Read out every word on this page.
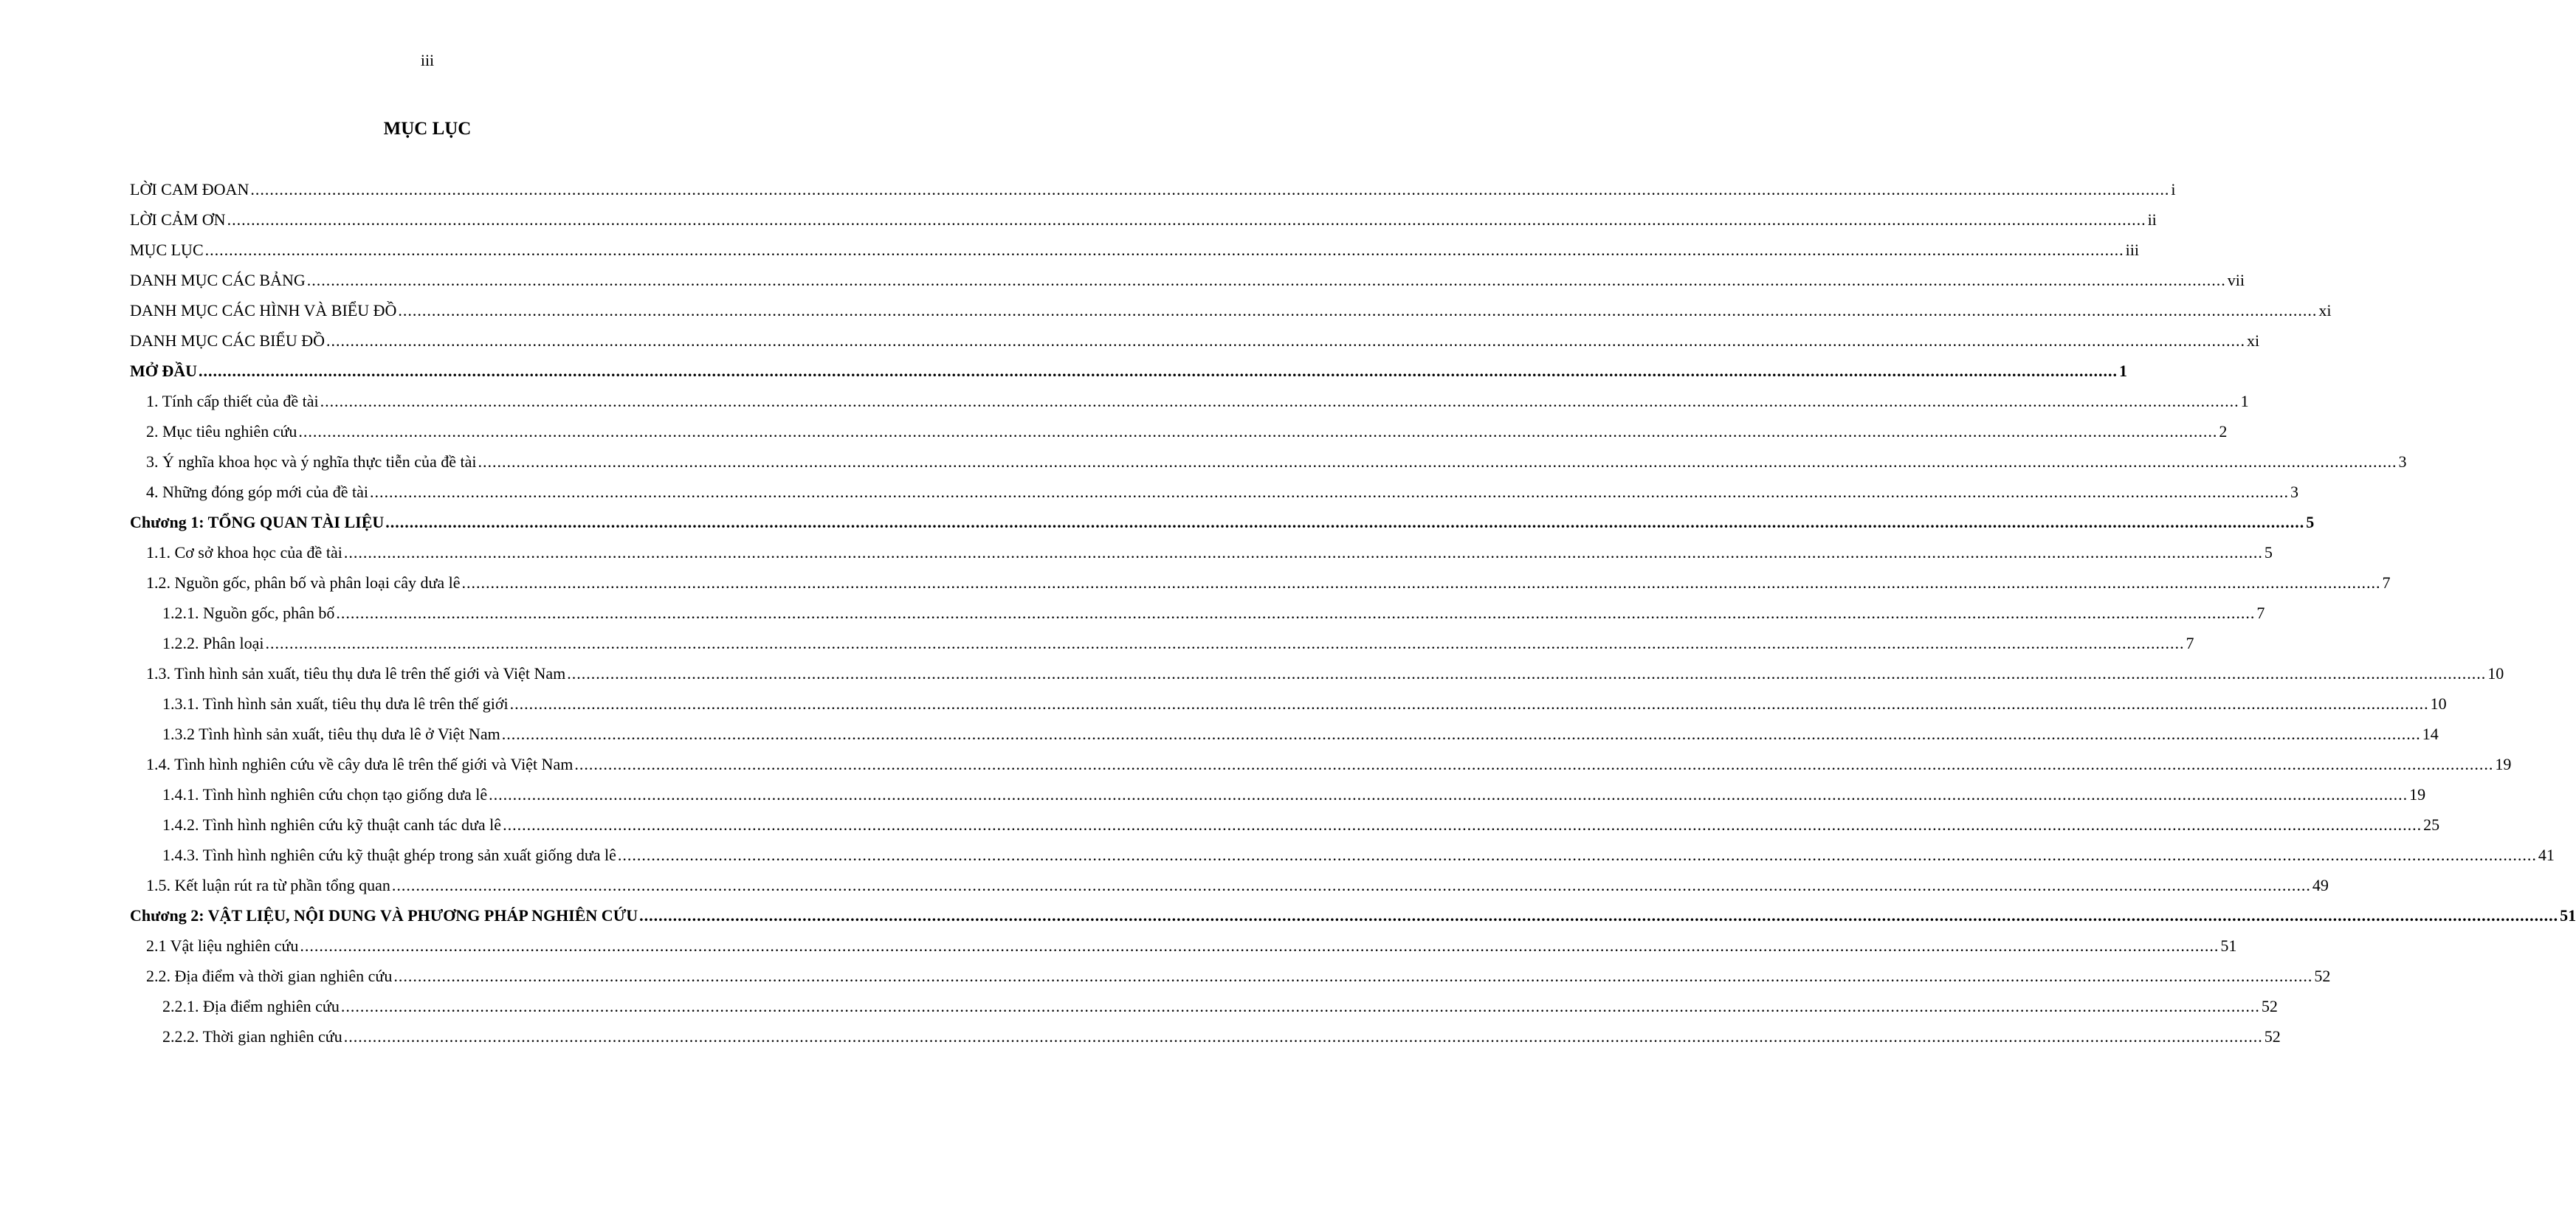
iii
MỤC LỤC
LỜI CAM ĐOAN ................................................................................................................................................................................................................................................................................................................................................................................................................ i
LỜI CẢM ƠN ................................................................................................................................................................................................................................................................................................................................................................................................................ ii
MỤC LỤC ................................................................................................................................................................................................................................................................................................................................................................................................................ iii
DANH MỤC CÁC BẢNG ................................................................................................................................................................................................................................................................................................................................................................................................................ vii
DANH MỤC CÁC HÌNH VÀ BIỂU ĐỒ ................................................................................................................................................................................................................................................................................................................................................................................................................ xi
DANH MỤC CÁC BIỂU ĐỒ ................................................................................................................................................................................................................................................................................................................................................................................................................ xi
MỞ ĐẦU ................................................................................................................................................................................................................................................................................................................................................................................................................ 1
1. Tính cấp thiết của đề tài ................................................................................................................................................................................................................................................................................................................................................................................................................ 1
2. Mục tiêu nghiên cứu ................................................................................................................................................................................................................................................................................................................................................................................................................ 2
3. Ý nghĩa khoa học và ý nghĩa thực tiễn của đề tài ................................................................................................................................................................................................................................................................................................................................................................................................................ 3
4. Những đóng góp mới của đề tài ................................................................................................................................................................................................................................................................................................................................................................................................................ 3
Chương 1: TỔNG QUAN TÀI LIỆU ................................................................................................................................................................................................................................................................................................................................................................................................................ 5
1.1. Cơ sở khoa học của đề tài ................................................................................................................................................................................................................................................................................................................................................................................................................ 5
1.2. Nguồn gốc, phân bố và phân loại cây dưa lê ................................................................................................................................................................................................................................................................................................................................................................................................................ 7
1.2.1. Nguồn gốc, phân bố ................................................................................................................................................................................................................................................................................................................................................................................................................ 7
1.2.2. Phân loại ................................................................................................................................................................................................................................................................................................................................................................................................................ 7
1.3. Tình hình sản xuất, tiêu thụ dưa lê trên thế giới và Việt Nam ................................................................................................................................................................................................................................................................................................................................................................................................................ 10
1.3.1. Tình hình sản xuất, tiêu thụ dưa lê trên thế giới ................................................................................................................................................................................................................................................................................................................................................................................................................ 10
1.3.2 Tình hình sản xuất, tiêu thụ dưa lê ở Việt Nam ................................................................................................................................................................................................................................................................................................................................................................................................................ 14
1.4. Tình hình nghiên cứu về cây dưa lê trên thế giới và Việt Nam ................................................................................................................................................................................................................................................................................................................................................................................................................ 19
1.4.1. Tình hình nghiên cứu chọn tạo giống dưa lê ................................................................................................................................................................................................................................................................................................................................................................................................................ 19
1.4.2. Tình hình nghiên cứu kỹ thuật canh tác dưa lê ................................................................................................................................................................................................................................................................................................................................................................................................................ 25
1.4.3. Tình hình nghiên cứu kỹ thuật ghép trong sản xuất giống dưa lê ................................................................................................................................................................................................................................................................................................................................................................................................................ 41
1.5. Kết luận rút ra từ phần tổng quan ................................................................................................................................................................................................................................................................................................................................................................................................................ 49
Chương 2: VẬT LIỆU, NỘI DUNG VÀ PHƯƠNG PHÁP NGHIÊN CỨU ................................................................................................................................................................................................................................................................................................................................................................................................................ 51
2.1 Vật liệu nghiên cứu ................................................................................................................................................................................................................................................................................................................................................................................................................ 51
2.2. Địa điểm và thời gian nghiên cứu ................................................................................................................................................................................................................................................................................................................................................................................................................ 52
2.2.1. Địa điểm nghiên cứu ................................................................................................................................................................................................................................................................................................................................................................................................................ 52
2.2.2. Thời gian nghiên cứu ................................................................................................................................................................................................................................................................................................................................................................................................................ 52
